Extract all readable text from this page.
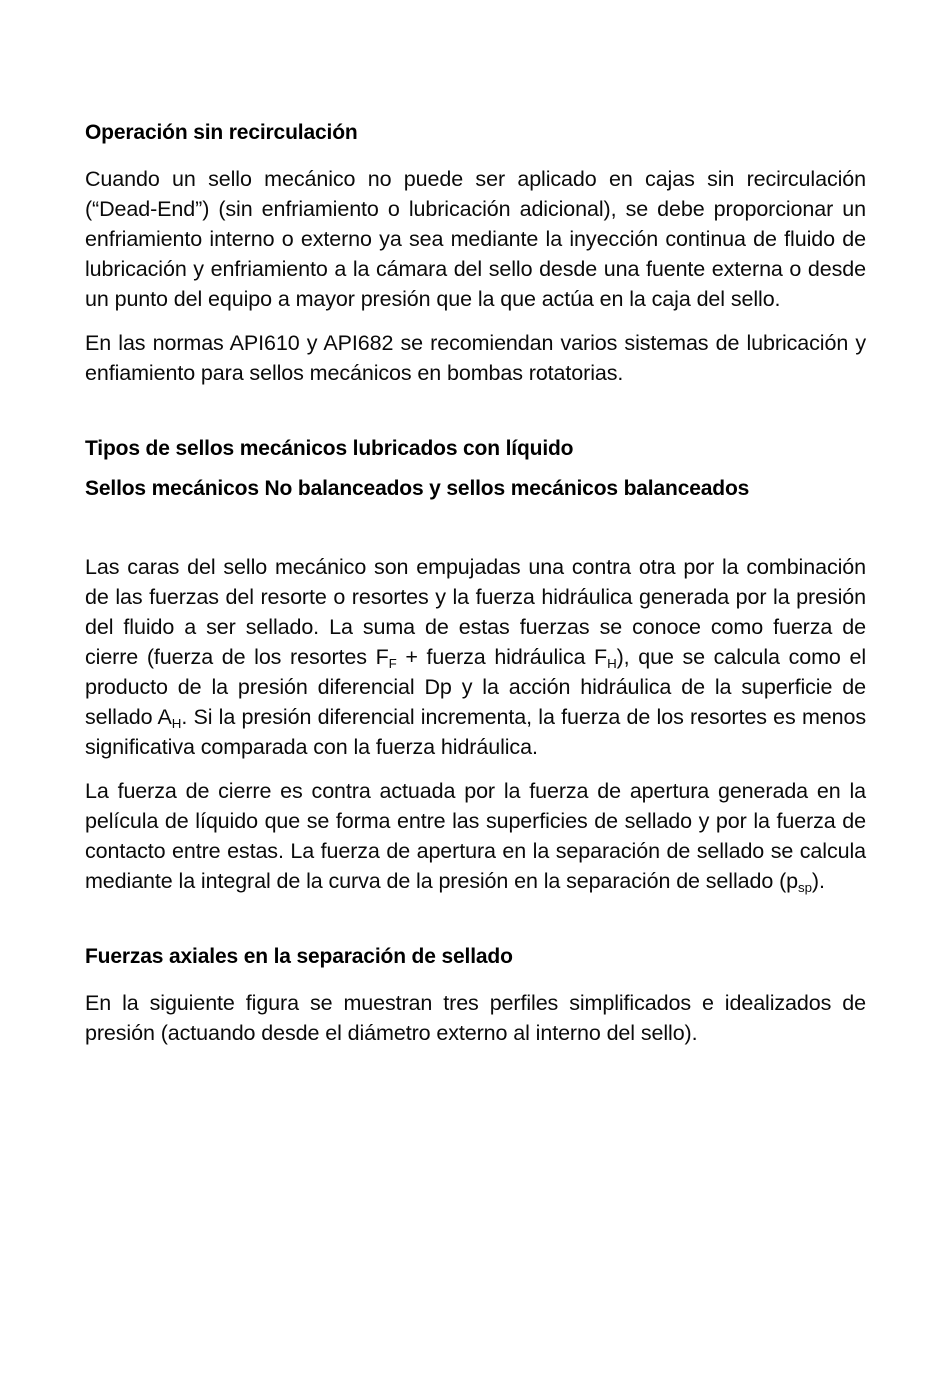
Operación sin recirculación

Cuando un sello mecánico no puede ser aplicado en cajas sin recirculación (“Dead-End”) (sin enfriamiento o lubricación adicional), se debe proporcionar un enfriamiento interno o externo ya sea mediante la inyección continua de fluido de lubricación y enfriamiento a la cámara del sello desde una fuente externa o desde un punto del equipo a mayor presión que la que actúa en la caja del sello.

En las normas API610 y API682 se recomiendan varios sistemas de lubricación y enfiamiento para sellos mecánicos en bombas rotatorias.

Tipos de sellos mecánicos lubricados con líquido
Sellos mecánicos No balanceados y sellos mecánicos balanceados

Las caras del sello mecánico son empujadas una contra otra por la combinación de las fuerzas del resorte o resortes y la fuerza hidráulica generada por la presión del fluido a ser sellado. La suma de estas fuerzas se conoce como fuerza de cierre (fuerza de los resortes $F_F$ + fuerza hidráulica $F_H$), que se calcula como el producto de la presión diferencial Dp y la acción hidráulica de la superficie de sellado $A_H$. Si la presión diferencial incrementa, la fuerza de los resortes es menos significativa comparada con la fuerza hidráulica.

La fuerza de cierre es contra actuada por la fuerza de apertura generada en la película de líquido que se forma entre las superficies de sellado y por la fuerza de contacto entre estas. La fuerza de apertura en la separación de sellado se calcula mediante la integral de la curva de la presión en la separación de sellado $(p_{sp})$.

Fuerzas axiales en la separación de sellado

En la siguiente figura se muestran tres perfiles simplificados e idealizados de presión (actuando desde el diámetro externo al interno del sello).
